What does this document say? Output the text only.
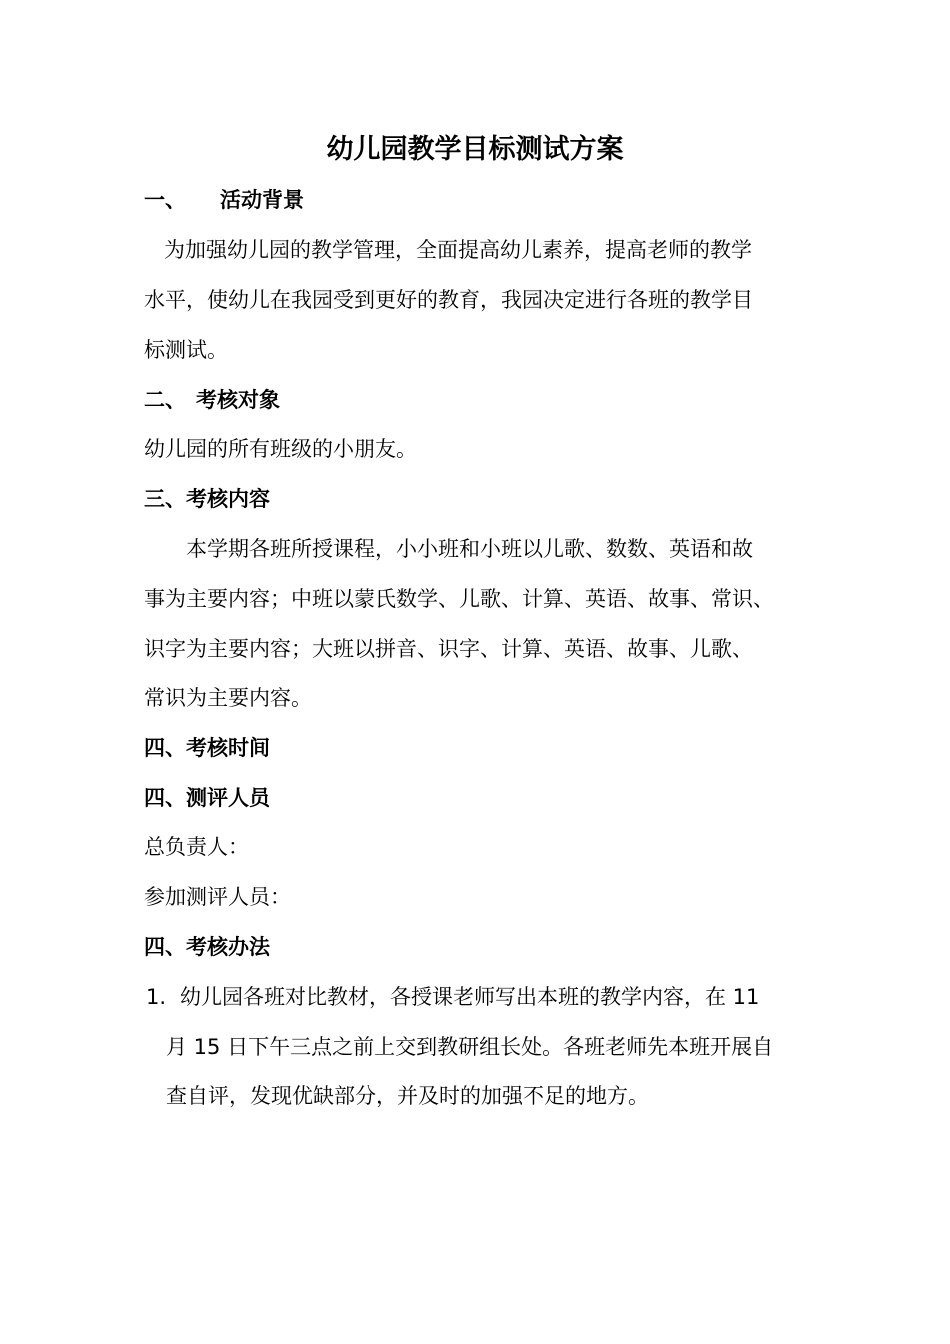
幼儿园教学目标测试方案
一、 活动背景
为加强幼儿园的教学管理，全面提高幼儿素养，提高老师的教学
水平，使幼儿在我园受到更好的教育，我园决定进行各班的教学目
标测试。
二、 考核对象
幼儿园的所有班级的小朋友。
三、考核内容
本学期各班所授课程，小小班和小班以儿歌、数数、英语和故
事为主要内容；中班以蒙氏数学、儿歌、计算、英语、故事、常识、
识字为主要内容；大班以拼音、识字、计算、英语、故事、儿歌、
常识为主要内容。
四、考核时间
四、测评人员
总负责人：
参加测评人员：
四、考核办法
1. 幼儿园各班对比教材，各授课老师写出本班的教学内容，在 11
月 15 日下午三点之前上交到教研组长处。各班老师先本班开展自
查自评，发现优缺部分，并及时的加强不足的地方。
